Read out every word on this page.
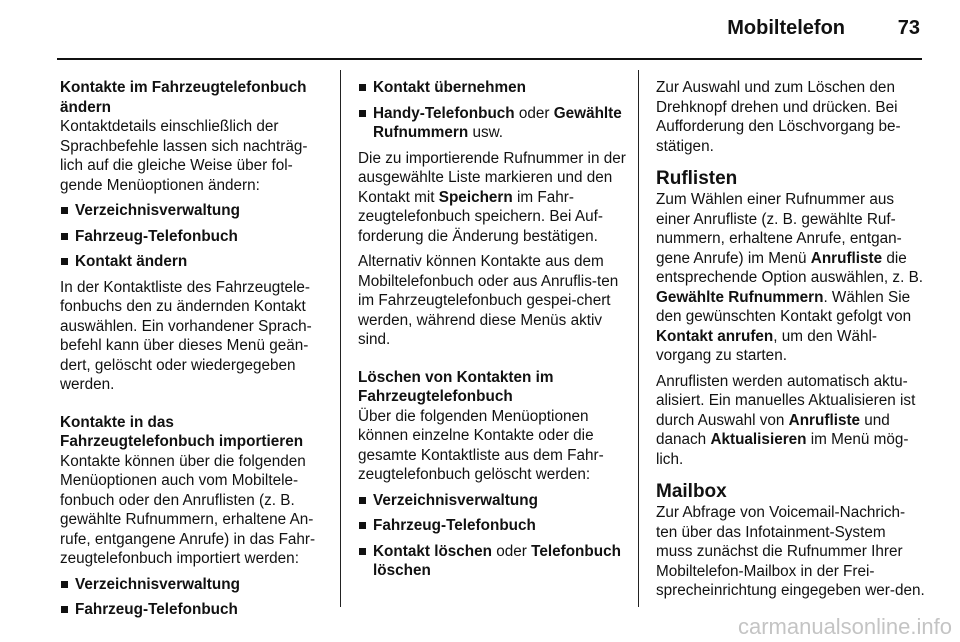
Mobiltelefon	73

Kontakte im Fahrzeugtelefonbuch ändern

Kontaktdetails einschließlich der Sprachbefehle lassen sich nachträg-lich auf die gleiche Weise über fol-gende Menüoptionen ändern:

Verzeichnisverwaltung
Fahrzeug-Telefonbuch
Kontakt ändern

In der Kontaktliste des Fahrzeugtele-fonbuchs den zu ändernden Kontakt auswählen. Ein vorhandener Sprach-befehl kann über dieses Menü geän-dert, gelöscht oder wiedergegeben werden.

Kontakte in das Fahrzeugtelefonbuch importieren

Kontakte können über die folgenden Menüoptionen auch vom Mobiltele-fonbuch oder den Anruflisten (z. B. gewählte Rufnummern, erhaltene An-rufe, entgangene Anrufe) in das Fahr-zeugtelefonbuch importiert werden:

Verzeichnisverwaltung
Fahrzeug-Telefonbuch
Kontakt übernehmen
Handy-Telefonbuch oder Gewählte Rufnummern usw.

Die zu importierende Rufnummer in der ausgewählte Liste markieren und den Kontakt mit Speichern im Fahr-zeugtelefonbuch speichern. Bei Auf-forderung die Änderung bestätigen.

Alternativ können Kontakte aus dem Mobiltelefonbuch oder aus Anruflis-ten im Fahrzeugtelefonbuch gespei-chert werden, während diese Menüs aktiv sind.

Löschen von Kontakten im Fahrzeugtelefonbuch

Über die folgenden Menüoptionen können einzelne Kontakte oder die gesamte Kontaktliste aus dem Fahr-zeugtelefonbuch gelöscht werden:

Verzeichnisverwaltung
Fahrzeug-Telefonbuch
Kontakt löschen oder Telefonbuch löschen

Zur Auswahl und zum Löschen den Drehknopf drehen und drücken. Bei Aufforderung den Löschvorgang be-stätigen.

Ruflisten

Zum Wählen einer Rufnummer aus einer Anrufliste (z. B. gewählte Ruf-nummern, erhaltene Anrufe, entgan-gene Anrufe) im Menü Anrufliste die entsprechende Option auswählen, z. B. Gewählte Rufnummern. Wählen Sie den gewünschten Kontakt gefolgt von Kontakt anrufen, um den Wähl-vorgang zu starten.

Anruflisten werden automatisch aktu-alisiert. Ein manuelles Aktualisieren ist durch Auswahl von Anrufliste und danach Aktualisieren im Menü mög-lich.

Mailbox

Zur Abfrage von Voicemail-Nachrich-ten über das Infotainment-System muss zunächst die Rufnummer Ihrer Mobiltelefon-Mailbox in der Frei-sprecheinrichtung eingegeben wer-den.

carmanualsonline.info
